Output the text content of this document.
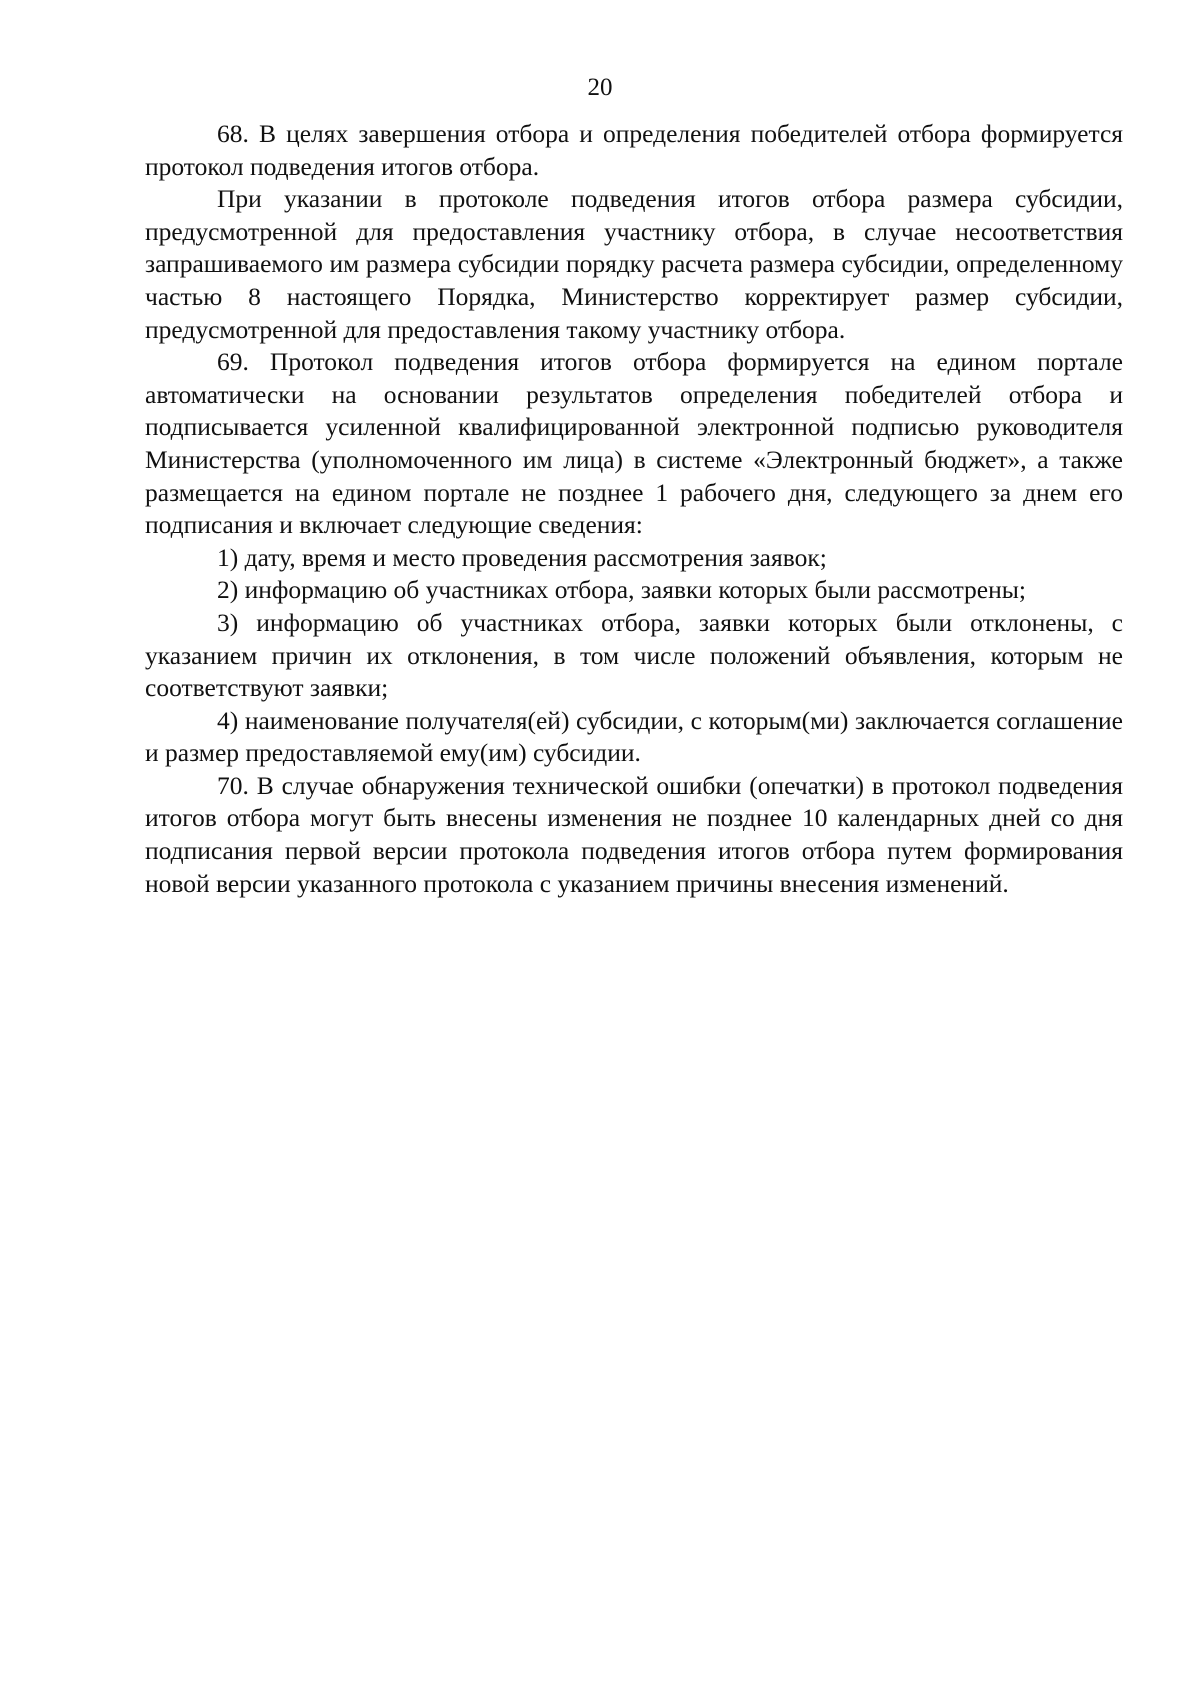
20

68. В целях завершения отбора и определения победителей отбора формируется протокол подведения итогов отбора.

При указании в протоколе подведения итогов отбора размера субсидии, предусмотренной для предоставления участнику отбора, в случае несоответствия запрашиваемого им размера субсидии порядку расчета размера субсидии, определенному частью 8 настоящего Порядка, Министерство корректирует размер субсидии, предусмотренной для предоставления такому участнику отбора.

69. Протокол подведения итогов отбора формируется на едином портале автоматически на основании результатов определения победителей отбора и подписывается усиленной квалифицированной электронной подписью руководителя Министерства (уполномоченного им лица) в системе «Электронный бюджет», а также размещается на едином портале не позднее 1 рабочего дня, следующего за днем его подписания и включает следующие сведения:

1) дату, время и место проведения рассмотрения заявок;

2) информацию об участниках отбора, заявки которых были рассмотрены;

3) информацию об участниках отбора, заявки которых были отклонены, с указанием причин их отклонения, в том числе положений объявления, которым не соответствуют заявки;

4) наименование получателя(ей) субсидии, с которым(ми) заключается соглашение и размер предоставляемой ему(им) субсидии.

70. В случае обнаружения технической ошибки (опечатки) в протокол подведения итогов отбора могут быть внесены изменения не позднее 10 календарных дней со дня подписания первой версии протокола подведения итогов отбора путем формирования новой версии указанного протокола с указанием причины внесения изменений.
